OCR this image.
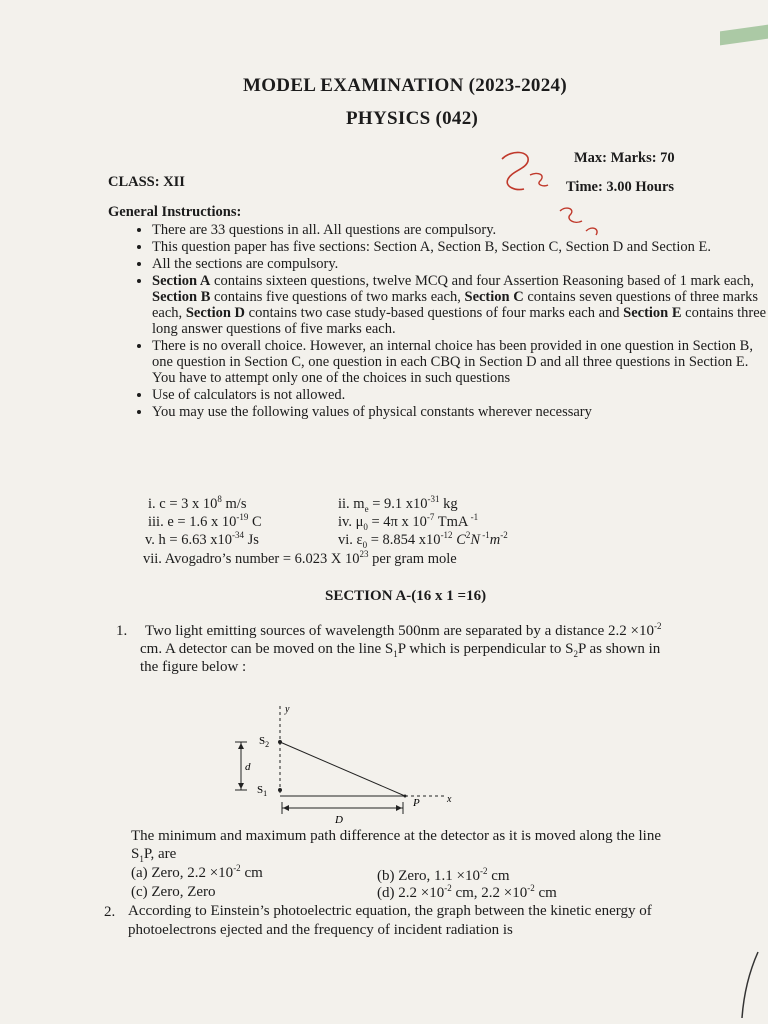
MODEL EXAMINATION (2023-2024)
PHYSICS (042)
Max: Marks: 70
CLASS: XII	Time: 3.00 Hours
General Instructions:
• There are 33 questions in all. All questions are compulsory.
• This question paper has five sections: Section A, Section B, Section C, Section D and Section E.
• All the sections are compulsory.
• Section A contains sixteen questions, twelve MCQ and four Assertion Reasoning based of 1 mark each, Section B contains five questions of two marks each, Section C contains seven questions of three marks each, Section D contains two case study-based questions of four marks each and Section E contains three long answer questions of five marks each.
• There is no overall choice. However, an internal choice has been provided in one question in Section B, one question in Section C, one question in each CBQ in Section D and all three questions in Section E. You have to attempt only one of the choices in such questions
• Use of calculators is not allowed.
• You may use the following values of physical constants wherever necessary
i. c = 3 x $10^8$ m/s	ii. $m_e = 9.1$ $x10^{-31}$ kg
iii. e = 1.6 x $10^{-19}$ C	iv. $\mu_0 = 4\pi$ x $10^{-7}$ TmA $^{-1}$
v. h = 6.63 $x10^{-34}$ Js	vi. $\varepsilon_0 = 8.854$ $x10^{-12}$ $C^2N$ $^{-1}m^{-2}$
vii. Avogadro’s number = 6.023 X $10^{23}$ per gram mole
SECTION A-(16 x 1 =16)
1. Two light emitting sources of wavelength 500nm are separated by a distance $2.2 \times 10^{-2}$
cm. A detector can be moved on the line $S_1P$ which is perpendicular to $S_2P$ as shown in
the figure below :
y
$S_2$
$S_1$
d
x
P
D
The minimum and maximum path difference at the detector as it is moved along the line
$S_1P$, are
(a) Zero, $2.2 \times 10^{-2}$ cm	(b) Zero, $1.1 \times 10^{-2}$ cm
(c) Zero, Zero	(d) $2.2 \times 10^{-2}$ cm, $2.2 \times 10^{-2}$ cm
2. According to Einstein’s photoelectric equation, the graph between the kinetic energy of
photoelectrons ejected and the frequency of incident radiation is
